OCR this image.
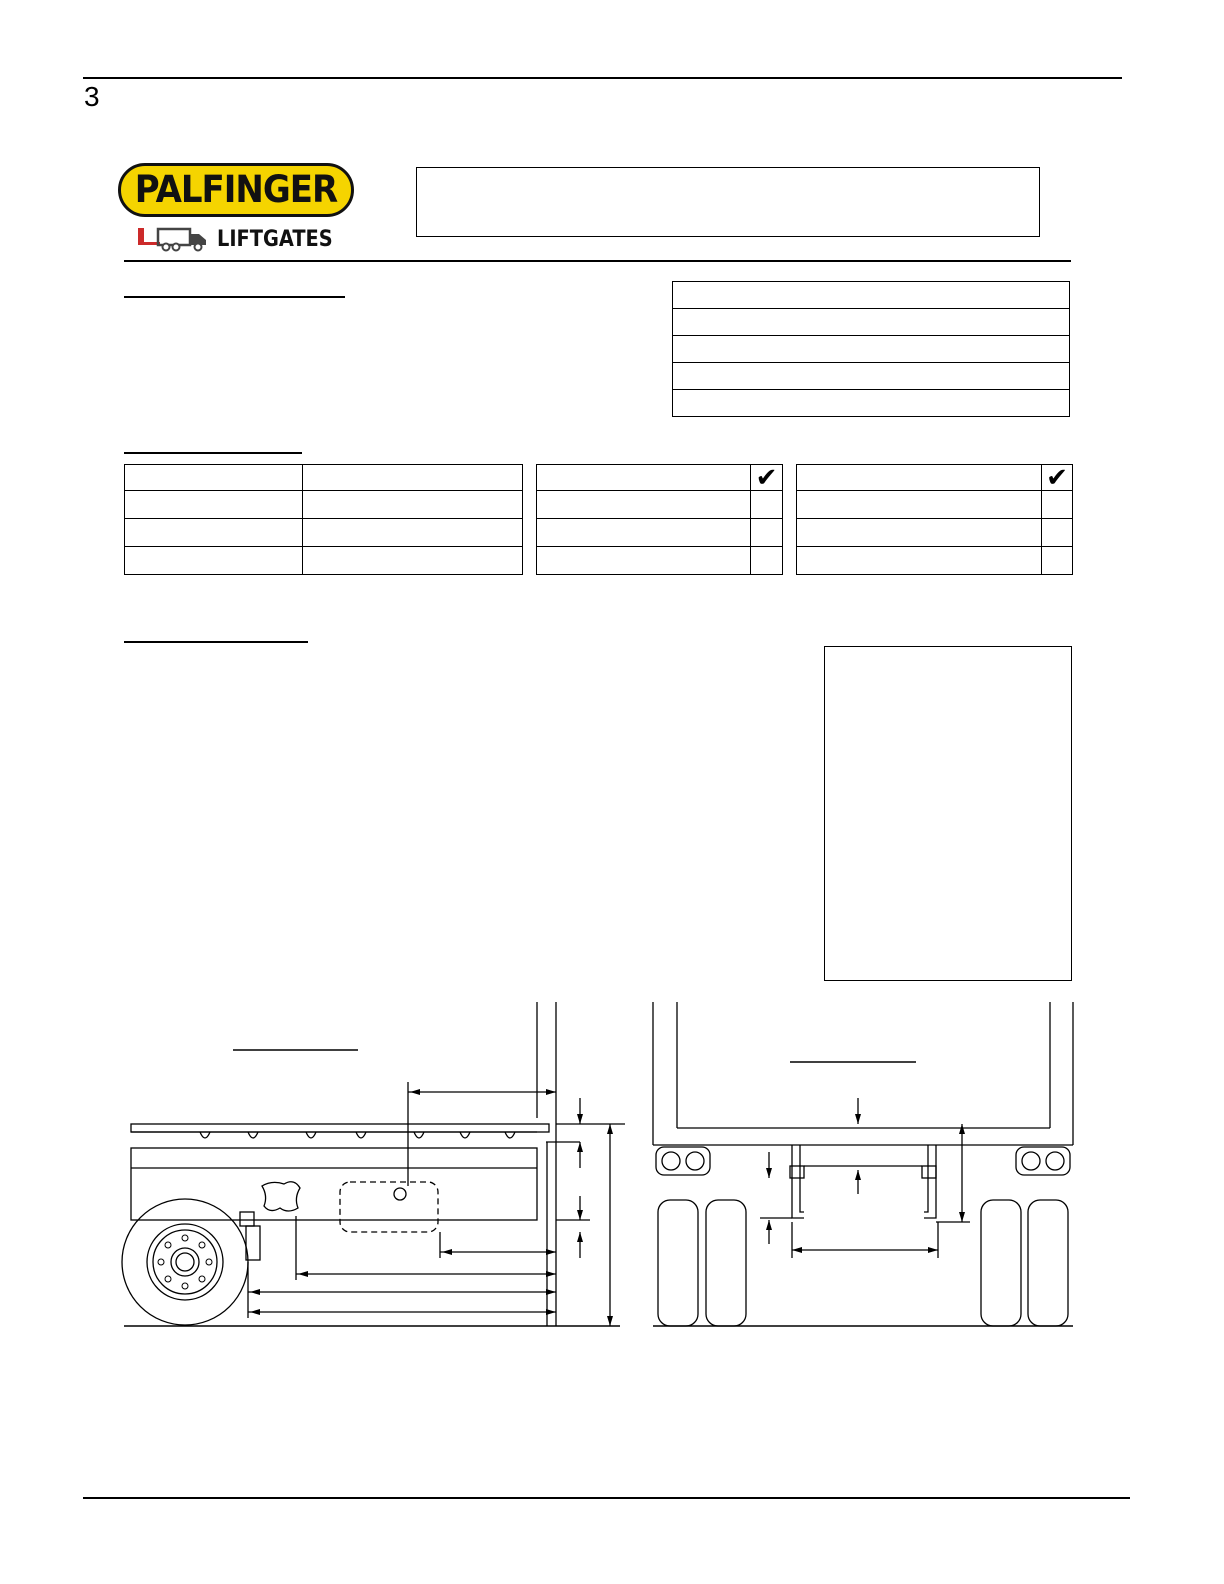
3
PALFINGER
LIFTGATES

	✔

		✔
